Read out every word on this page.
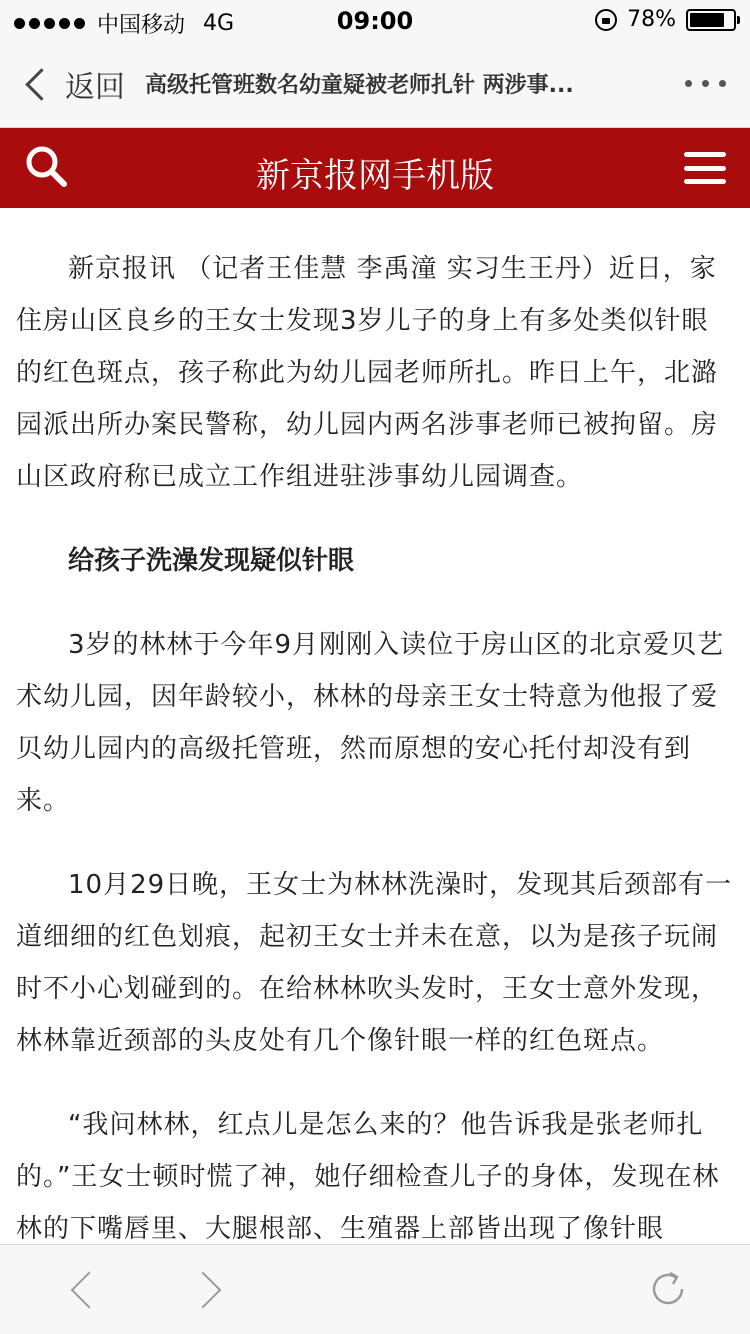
中国移动 4G	09:00	78%
返回 高级托管班数名幼童疑被老师扎针 两涉事...
新京报网手机版

新京报讯 （记者王佳慧 李禹潼 实习生王丹）近日，家住房山区良乡的王女士发现3岁儿子的身上有多处类似针眼的红色斑点，孩子称此为幼儿园老师所扎。昨日上午，北潞园派出所办案民警称，幼儿园内两名涉事老师已被拘留。房山区政府称已成立工作组进驻涉事幼儿园调查。

给孩子洗澡发现疑似针眼

3岁的林林于今年9月刚刚入读位于房山区的北京爱贝艺术幼儿园，因年龄较小，林林的母亲王女士特意为他报了爱贝幼儿园内的高级托管班，然而原想的安心托付却没有到来。

10月29日晚，王女士为林林洗澡时，发现其后颈部有一道细细的红色划痕，起初王女士并未在意，以为是孩子玩闹时不小心划碰到的。在给林林吹头发时，王女士意外发现，林林靠近颈部的头皮处有几个像针眼一样的红色斑点。

“我问林林，红点儿是怎么来的？他告诉我是张老师扎的。”王女士顿时慌了神，她仔细检查儿子的身体，发现在林林的下嘴唇里、大腿根部、生殖器上部皆出现了像针眼
